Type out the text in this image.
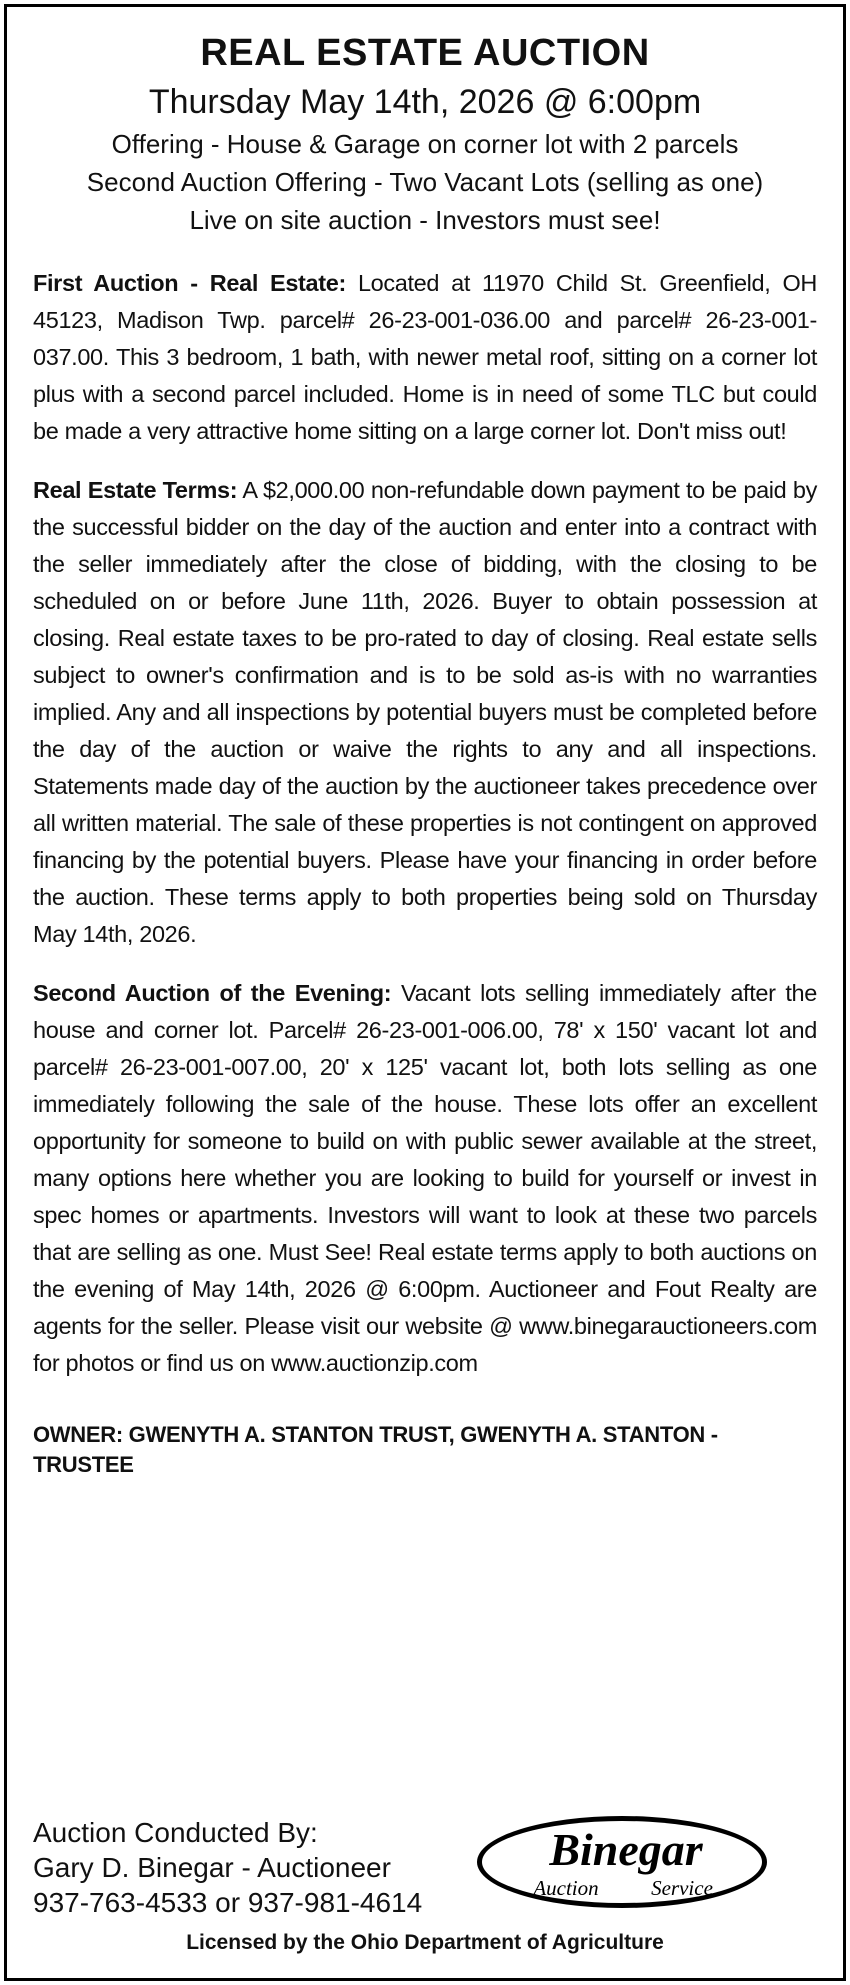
REAL ESTATE AUCTION
Thursday May 14th, 2026 @ 6:00pm
Offering - House & Garage on corner lot with 2 parcels
Second Auction Offering - Two Vacant Lots (selling as one)
Live on site auction - Investors must see!

First Auction - Real Estate: Located at 11970 Child St. Greenfield, OH 45123, Madison Twp. parcel# 26-23-001-036.00 and parcel# 26-23-001-037.00. This 3 bedroom, 1 bath, with newer metal roof, sitting on a corner lot plus with a second parcel included. Home is in need of some TLC but could be made a very attractive home sitting on a large corner lot. Don't miss out!

Real Estate Terms: A $2,000.00 non-refundable down payment to be paid by the successful bidder on the day of the auction and enter into a contract with the seller immediately after the close of bidding, with the closing to be scheduled on or before June 11th, 2026. Buyer to obtain possession at closing. Real estate taxes to be pro-rated to day of closing. Real estate sells subject to owner's confirmation and is to be sold as-is with no warranties implied. Any and all inspections by potential buyers must be completed before the day of the auction or waive the rights to any and all inspections. Statements made day of the auction by the auctioneer takes precedence over all written material. The sale of these properties is not contingent on approved financing by the potential buyers. Please have your financing in order before the auction. These terms apply to both properties being sold on Thursday May 14th, 2026.

Second Auction of the Evening: Vacant lots selling immediately after the house and corner lot. Parcel# 26-23-001-006.00, 78' x 150' vacant lot and parcel# 26-23-001-007.00, 20' x 125' vacant lot, both lots selling as one immediately following the sale of the house. These lots offer an excellent opportunity for someone to build on with public sewer available at the street, many options here whether you are looking to build for yourself or invest in spec homes or apartments. Investors will want to look at these two parcels that are selling as one. Must See! Real estate terms apply to both auctions on the evening of May 14th, 2026 @ 6:00pm. Auctioneer and Fout Realty are agents for the seller. Please visit our website @ www.binegarauctioneers.com for photos or find us on www.auctionzip.com

OWNER: GWENYTH A. STANTON TRUST, GWENYTH A. STANTON - TRUSTEE
Auction Conducted By:
Gary D. Binegar - Auctioneer
937-763-4533 or 937-981-4614
Binegar
Auction Service
Licensed by the Ohio Department of Agriculture
